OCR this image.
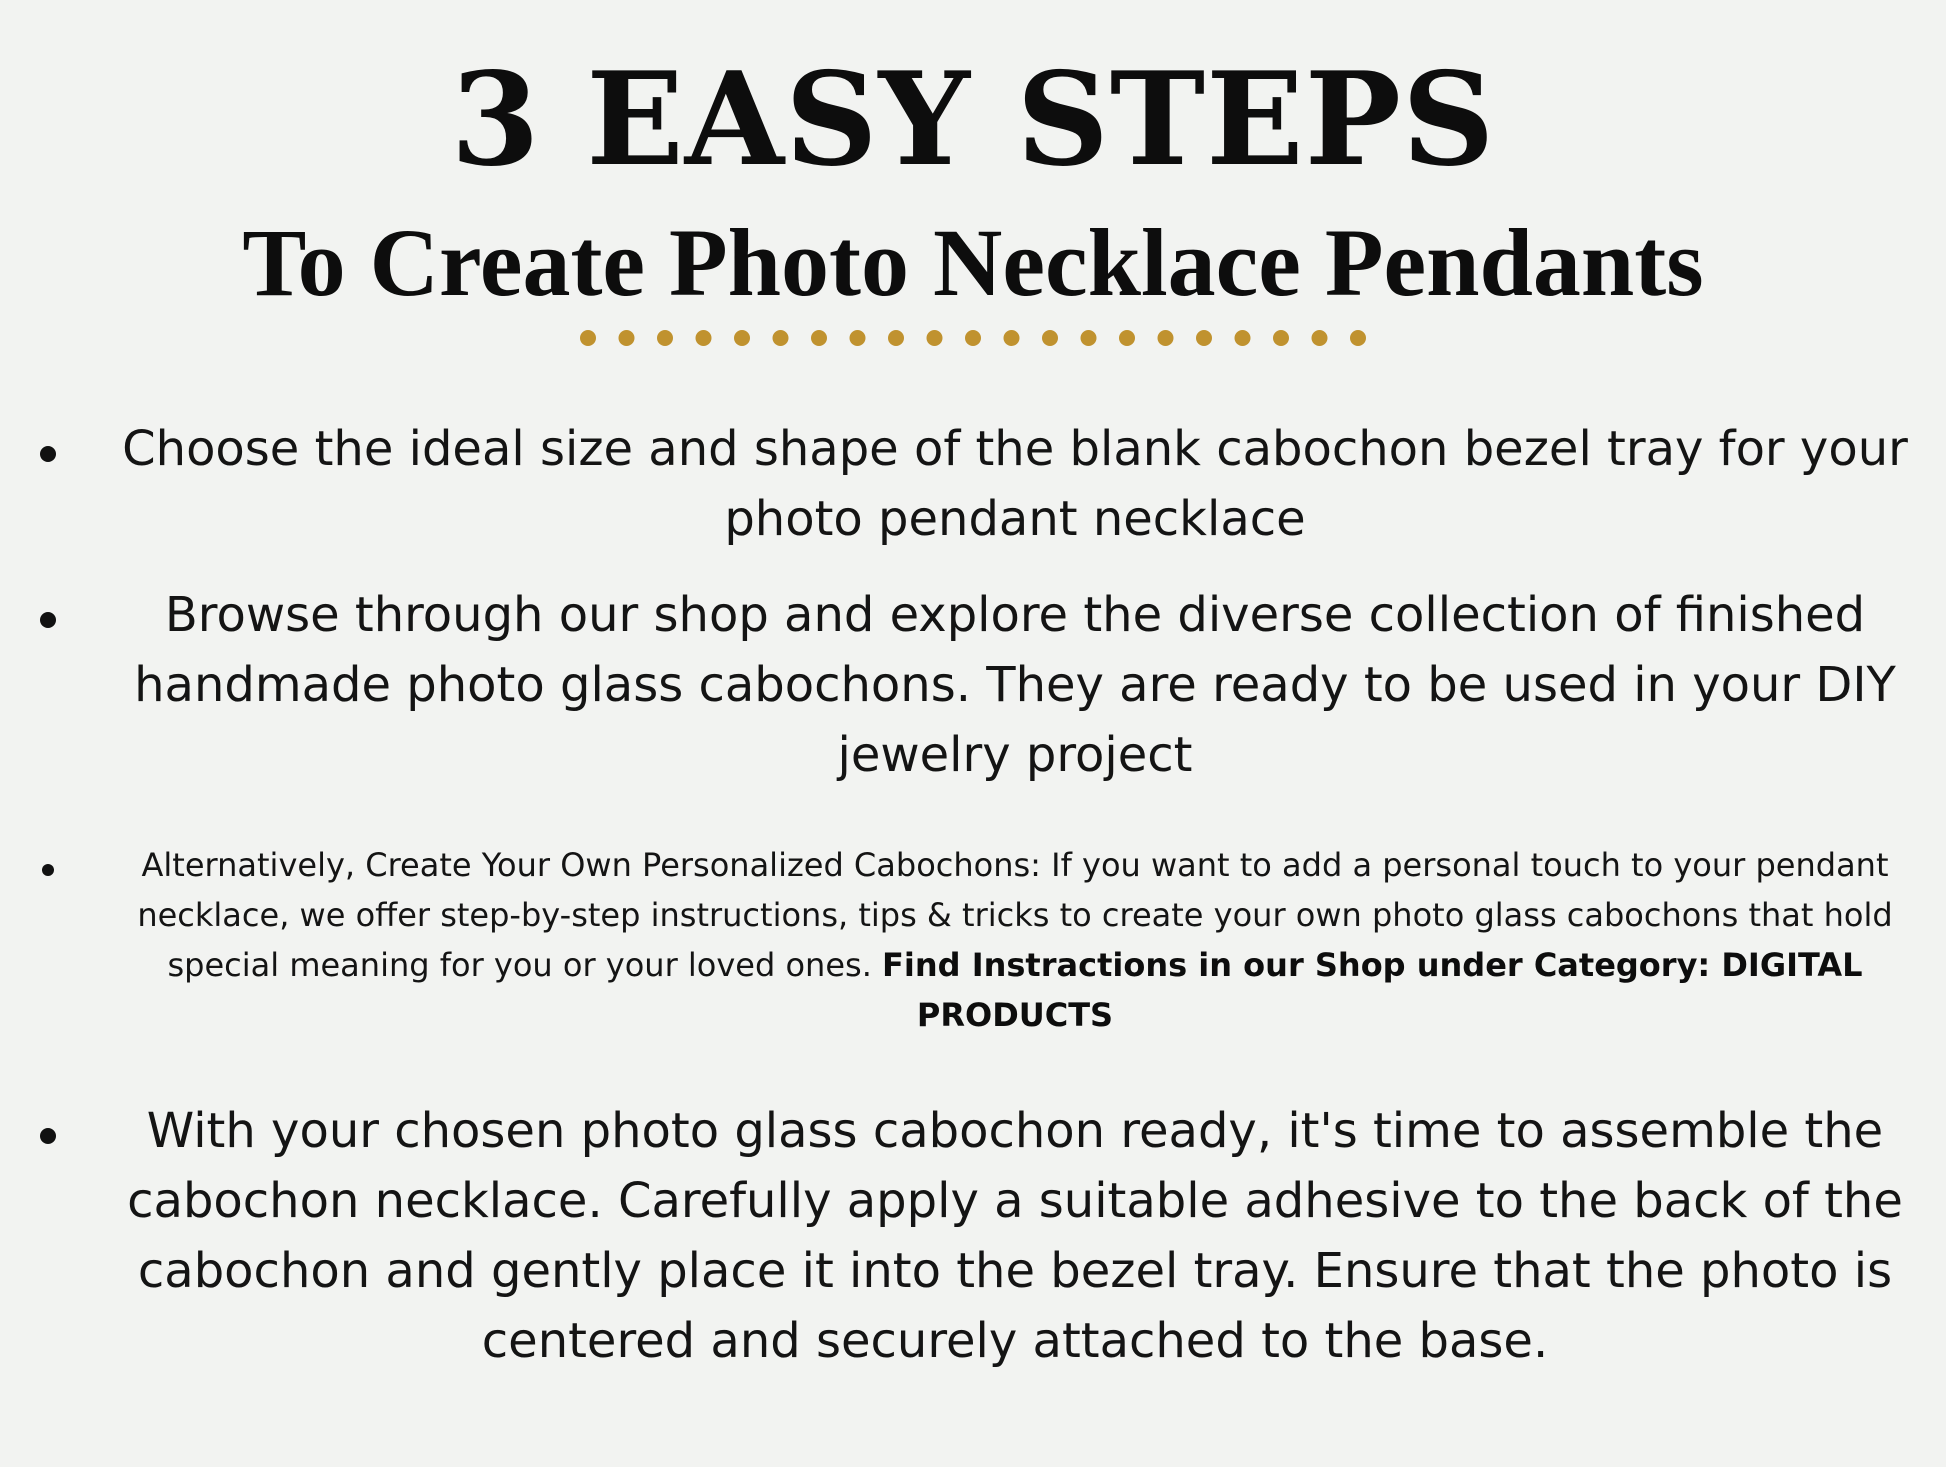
3 EASY STEPS
To Create Photo Necklace Pendants

Choose the ideal size and shape of the blank cabochon bezel tray for your photo pendant necklace

Browse through our shop and explore the diverse collection of finished handmade photo glass cabochons. They are ready to be used in your DIY jewelry project

Alternatively, Create Your Own Personalized Cabochons: If you want to add a personal touch to your pendant necklace, we offer step-by-step instructions, tips & tricks to create your own photo glass cabochons that hold special meaning for you or your loved ones. Find Instractions in our Shop under Category: DIGITAL PRODUCTS

With your chosen photo glass cabochon ready, it's time to assemble the cabochon necklace. Carefully apply a suitable adhesive to the back of the cabochon and gently place it into the bezel tray. Ensure that the photo is centered and securely attached to the base.
